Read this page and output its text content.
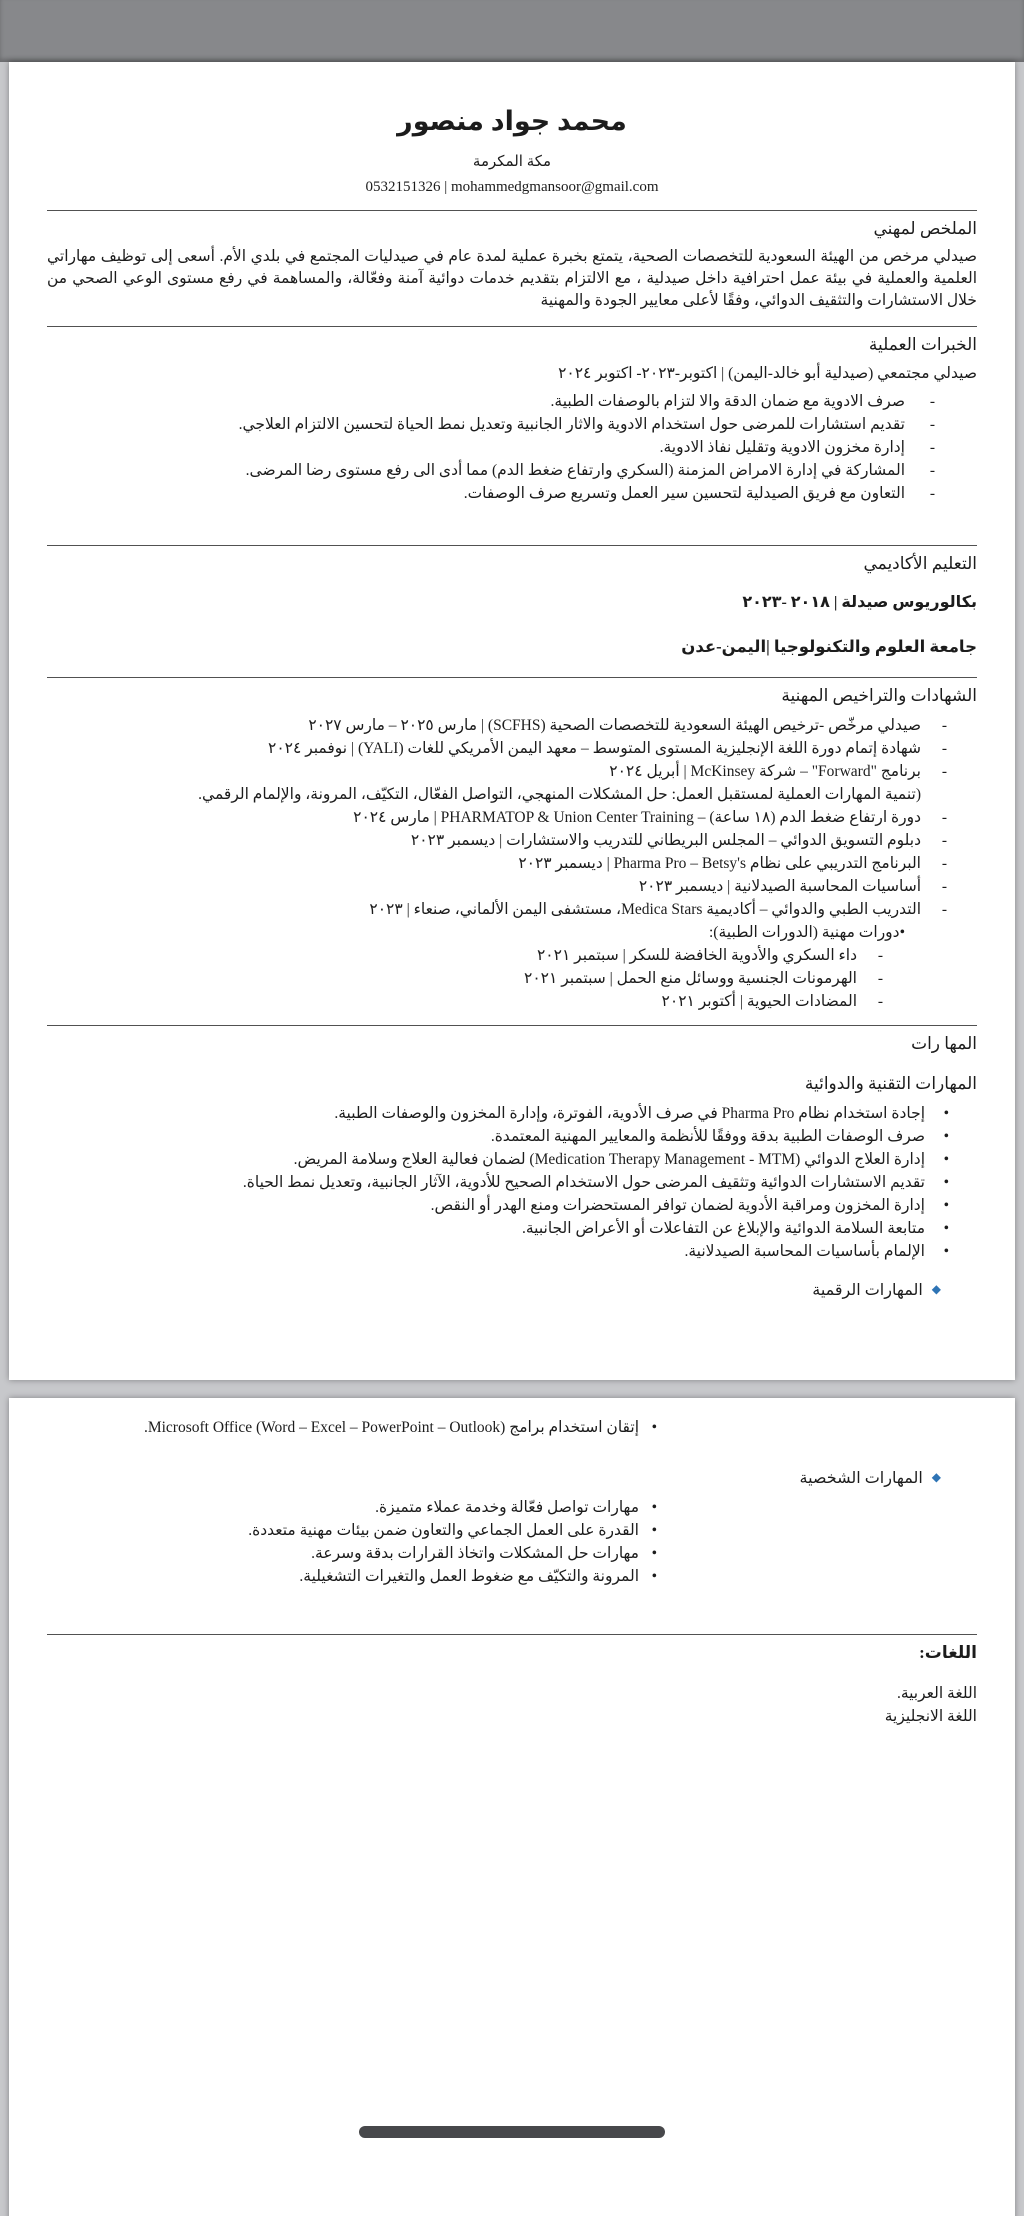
محمد جواد منصور
مكة المكرمة
0532151326 | mohammedgmansoor@gmail.com
الملخص لمهني

صيدلي مرخص من الهيئة السعودية للتخصصات الصحية، يتمتع بخبرة عملية لمدة عام في صيدليات المجتمع في بلدي الأم. أسعى إلى توظيف مهاراتي العلمية والعملية في بيئة عمل احترافية داخل صيدلية ، مع الالتزام بتقديم خدمات دوائية آمنة وفعّالة، والمساهمة في رفع مستوى الوعي الصحي من خلال الاستشارات والتثقيف الدوائي، وفقًا لأعلى معايير الجودة والمهنية

الخبرات العملية
صيدلي مجتمعي (صيدلية أبو خالد-اليمن) | اكتوبر-٢٠٢٣- اكتوبر ٢٠٢٤
-
صرف الادوية مع ضمان الدقة والا لتزام بالوصفات الطبية.
-
تقديم استشارات للمرضى حول استخدام الادوية والاثار الجانبية وتعديل نمط الحياة لتحسين الالتزام العلاجي.
-
إدارة مخزون الادوية وتقليل نفاذ الادوية.
-
المشاركة في إدارة الامراض المزمنة (السكري وارتفاع ضغط الدم) مما أدى الى رفع مستوى رضا المرضى.
-
التعاون مع فريق الصيدلية لتحسين سير العمل وتسريع صرف الوصفات.
التعليم الأكاديمي
بكالوريوس صيدلة | ٢٠١٨ -٢٠٢٣
جامعة العلوم والتكنولوجيا |اليمن-عدن
الشهادات والتراخيص المهنية
-
صيدلي مرخّص -ترخيص الهيئة السعودية للتخصصات الصحية (SCFHS) | مارس ٢٠٢٥ – مارس ٢٠٢٧
-
شهادة إتمام دورة اللغة الإنجليزية المستوى المتوسط – معهد اليمن الأمريكي للغات (YALI) | نوفمبر ٢٠٢٤
-
برنامج "Forward" – شركة McKinsey | أبريل ٢٠٢٤
(تنمية المهارات العملية لمستقبل العمل: حل المشكلات المنهجي، التواصل الفعّال، التكيّف، المرونة، والإلمام الرقمي.
-
دورة ارتفاع ضغط الدم (١٨ ساعة) – PHARMATOP & Union Center Training | مارس ٢٠٢٤
-
دبلوم التسويق الدوائي – المجلس البريطاني للتدريب والاستشارات | ديسمبر ٢٠٢٣
-
البرنامج التدريبي على نظام Pharma Pro – Betsy's | ديسمبر ٢٠٢٣
-
أساسيات المحاسبة الصيدلانية | ديسمبر ٢٠٢٣
-
التدريب الطبي والدوائي – أكاديمية Medica Stars، مستشفى اليمن الألماني، صنعاء | ٢٠٢٣
•دورات مهنية (الدورات الطبية):
-
داء السكري والأدوية الخافضة للسكر | سبتمبر ٢٠٢١
-
الهرمونات الجنسية ووسائل منع الحمل | سبتمبر ٢٠٢١
-
المضادات الحيوية | أكتوبر ٢٠٢١
المها رات
المهارات التقنية والدوائية
•
إجادة استخدام نظام Pharma Pro في صرف الأدوية، الفوترة، وإدارة المخزون والوصفات الطبية.
•
صرف الوصفات الطبية بدقة ووفقًا للأنظمة والمعايير المهنية المعتمدة.
•
إدارة العلاج الدوائي (Medication Therapy Management - MTM) لضمان فعالية العلاج وسلامة المريض.
•
تقديم الاستشارات الدوائية وتثقيف المرضى حول الاستخدام الصحيح للأدوية، الآثار الجانبية، وتعديل نمط الحياة.
•
إدارة المخزون ومراقبة الأدوية لضمان توافر المستحضرات ومنع الهدر أو النقص.
•
متابعة السلامة الدوائية والإبلاغ عن التفاعلات أو الأعراض الجانبية.
•
الإلمام بأساسيات المحاسبة الصيدلانية.
◆المهارات الرقمية
•
إتقان استخدام برامج Microsoft Office (Word – Excel – PowerPoint – Outlook).
◆المهارات الشخصية
•
مهارات تواصل فعّالة وخدمة عملاء متميزة.
•
القدرة على العمل الجماعي والتعاون ضمن بيئات مهنية متعددة.
•
مهارات حل المشكلات واتخاذ القرارات بدقة وسرعة.
•
المرونة والتكيّف مع ضغوط العمل والتغيرات التشغيلية.
اللغات:
اللغة العربية.
اللغة الانجليزية
